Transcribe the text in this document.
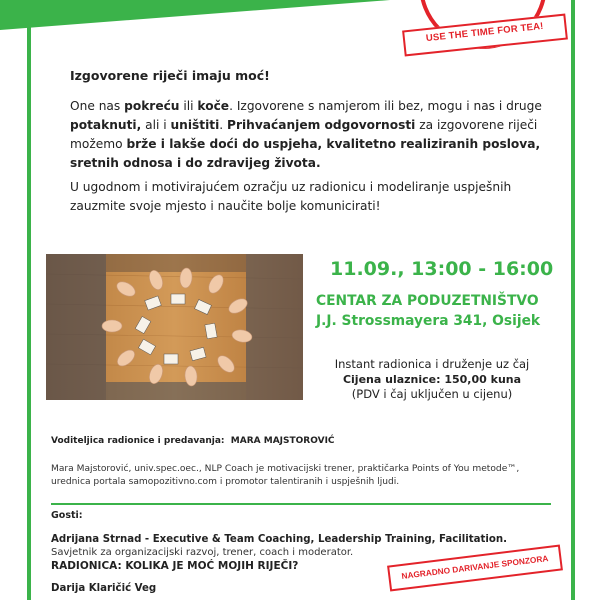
USE THE TIME FOR TEA!
Izgovorene riječi imaju moć!
One nas pokreću ili koče. Izgovorene s namjerom ili bez, mogu i nas i druge potaknuti, ali i uništiti. Prihvaćanjem odgovornosti za izgovorene riječi možemo brže i lakše doći do uspjeha, kvalitetno realiziranih poslova, sretnih odnosa i do zdravijeg života.
U ugodnom i motivirajućem ozračju uz radionicu i modeliranje uspješnih zauzmite svoje mjesto i naučite bolje komunicirati!
11.09., 13:00 - 16:00
CENTAR ZA PODUZETNIŠTVO
J.J. Strossmayera 341, Osijek
Instant radionica i druženje uz čaj
Cijena ulaznice: 150,00 kuna
(PDV i čaj uključen u cijenu)
Voditeljica radionice i predavanja: MARA MAJSTOROVIĆ
Mara Majstorović, univ.spec.oec., NLP Coach je motivacijski trener, praktičarka Points of You metode™, urednica portala samopozitivno.com i promotor talentiranih i uspješnih ljudi.
Gosti:
Adrijana Strnad - Executive & Team Coaching, Leadership Training, Facilitation.
Savjetnik za organizacijski razvoj, trener, coach i moderator.
RADIONICA: KOLIKA JE MOĆ MOJIH RIJEČI?
Darija Klaričić Veg
NAGRADNO DARIVANJE SPONZORA
